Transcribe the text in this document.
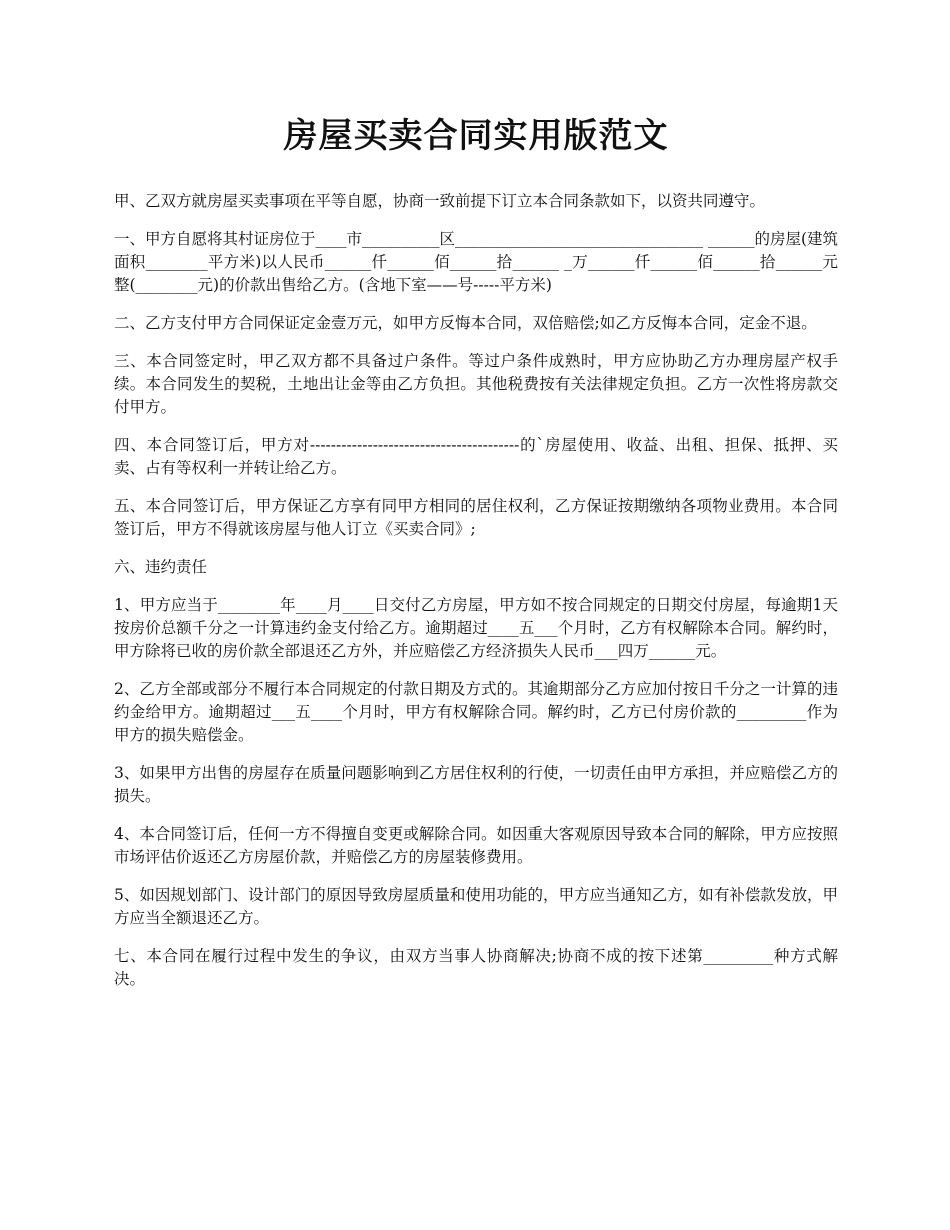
房屋买卖合同实用版范文

甲、乙双方就房屋买卖事项在平等自愿，协商一致前提下订立本合同条款如下，以资共同遵守。

一、甲方自愿将其村证房位于____市__________区________________________________ ______的房屋(建筑面积________平方米)以人民币______仟______佰______拾______ _万______仟______佰______拾______元整(________元)的价款出售给乙方。(含地下室——号-----平方米)

二、乙方支付甲方合同保证定金壹万元，如甲方反悔本合同，双倍赔偿;如乙方反悔本合同，定金不退。

三、本合同签定时，甲乙双方都不具备过户条件。等过户条件成熟时，甲方应协助乙方办理房屋产权手续。本合同发生的契税，土地出让金等由乙方负担。其他税费按有关法律规定负担。乙方一次性将房款交付甲方。

四、本合同签订后，甲方对----------------------------------------的`房屋使用、收益、出租、担保、抵押、买卖、占有等权利一并转让给乙方。

五、本合同签订后，甲方保证乙方享有同甲方相同的居住权利，乙方保证按期缴纳各项物业费用。本合同签订后，甲方不得就该房屋与他人订立《买卖合同》;

六、违约责任

1、甲方应当于________年____月____日交付乙方房屋，甲方如不按合同规定的日期交付房屋，每逾期1天按房价总额千分之一计算违约金支付给乙方。逾期超过____五___个月时，乙方有权解除本合同。解约时，甲方除将已收的房价款全部退还乙方外，并应赔偿乙方经济损失人民币___四万______元。

2、乙方全部或部分不履行本合同规定的付款日期及方式的。其逾期部分乙方应加付按日千分之一计算的违约金给甲方。逾期超过___五____个月时，甲方有权解除合同。解约时，乙方已付房价款的_________作为甲方的损失赔偿金。

3、如果甲方出售的房屋存在质量问题影响到乙方居住权利的行使，一切责任由甲方承担，并应赔偿乙方的损失。

4、本合同签订后，任何一方不得擅自变更或解除合同。如因重大客观原因导致本合同的解除，甲方应按照市场评估价返还乙方房屋价款，并赔偿乙方的房屋装修费用。

5、如因规划部门、设计部门的原因导致房屋质量和使用功能的，甲方应当通知乙方，如有补偿款发放，甲方应当全额退还乙方。

七、本合同在履行过程中发生的争议，由双方当事人协商解决;协商不成的按下述第_________种方式解决。
